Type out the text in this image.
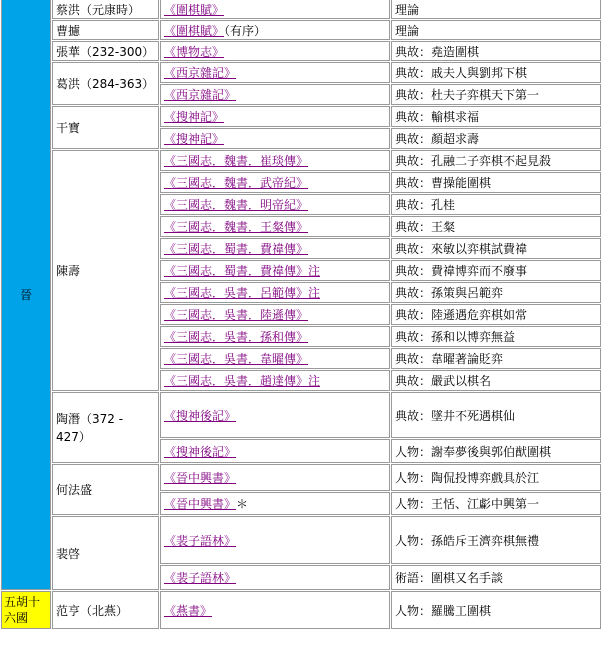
晉	蔡洪（元康時）	《圍棋賦》	理論
	曹攄	《圍棋賦》（有序）	理論
	張華（232-300）	《博物志》	典故：堯造圍棋
	葛洪（284-363）	《西京雜記》	典故：戚夫人與劉邦下棋
		《西京雜記》	典故：杜夫子弈棋天下第一
	干寶	《搜神記》	典故：輸棋求福
		《搜神記》	典故：顏超求壽
	陳壽	《三國志．魏書．崔琰傳》	典故：孔融二子弈棋不起見殺
		《三國志．魏書．武帝紀》	典故：曹操能圍棋
		《三國志．魏書．明帝紀》	典故：孔桂
		《三國志．魏書．王粲傳》	典故：王粲
		《三國志．蜀書．費禕傳》	典故：來敏以弈棋試費禕
		《三國志．蜀書．費禕傳》注	典故：費禕博弈而不廢事
		《三國志．吳書．呂範傳》注	典故：孫策與呂範弈
		《三國志．吳書．陸遜傳》	典故：陸遜遇危弈棋如常
		《三國志．吳書．孫和傳》	典故：孫和以博弈無益
		《三國志．吳書．韋曜傳》	典故：韋曜著論貶弈
		《三國志．吳書．趙達傳》注	典故：嚴武以棋名
	陶潛（372 - 427）	《搜神後記》	典故：墜井不死遇棋仙
		《搜神後記》	人物：謝奉夢後與郭伯猷圍棋
	何法盛	《晉中興書》	人物：陶侃投博弈戲具於江
		《晉中興書》＊	人物：王恬、江虨中興第一
	裴啓	《裴子語林》	人物：孫皓斥王濟弈棋無禮
		《裴子語林》	術語：圍棋又名手談
五胡十六國	范亨（北燕）	《燕書》	人物：羅騰工圍棋
